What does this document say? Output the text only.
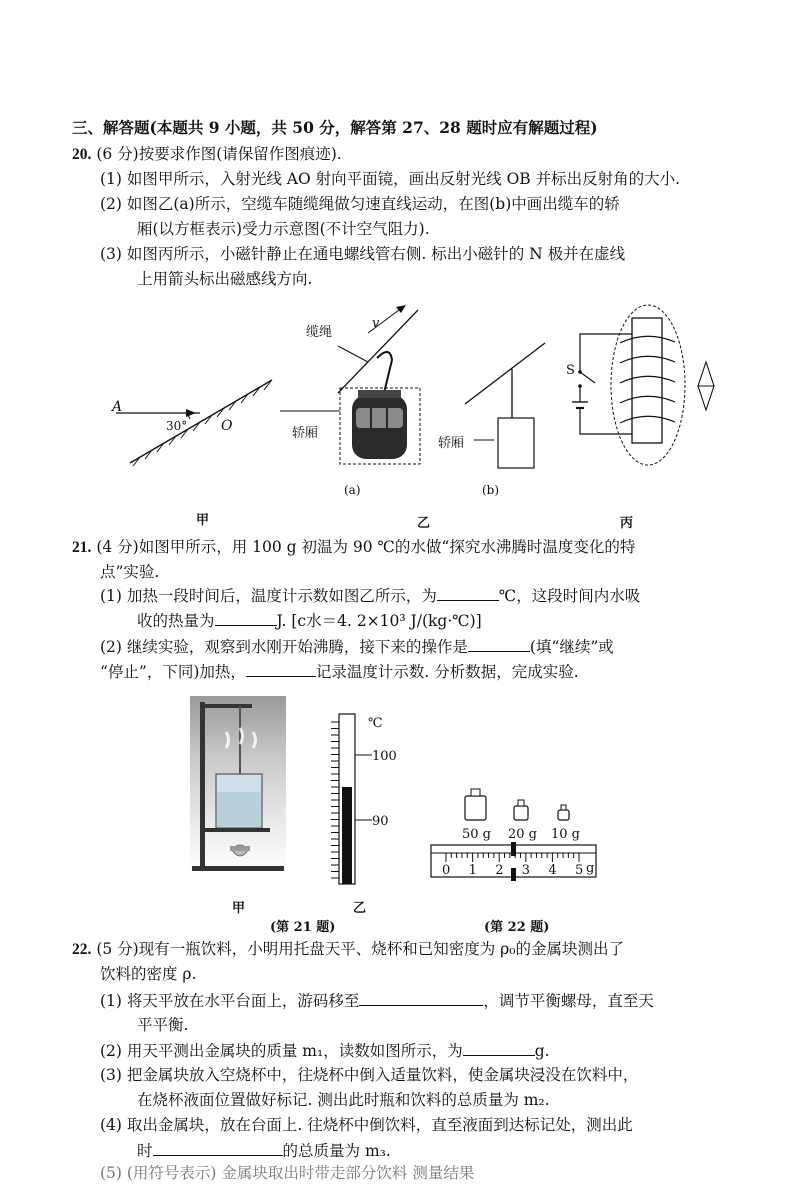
三、解答题(本题共 9 小题，共 50 分，解答第 27、28 题时应有解题过程)
20. (6 分)按要求作图(请保留作图痕迹).
(1) 如图甲所示，入射光线 AO 射向平面镜，画出反射光线 OB 并标出反射角的大小.
(2) 如图乙(a)所示，空缆车随缆绳做匀速直线运动，在图(b)中画出缆车的轿
厢(以方框表示)受力示意图(不计空气阻力).
(3) 如图丙所示，小磁针静止在通电螺线管右侧. 标出小磁针的 N 极并在虚线
上用箭头标出磁感线方向.
A
30° O
缆绳
v
轿厢
(a)
轿厢
(b)
S
甲	乙	丙
21. (4 分)如图甲所示，用 100 g 初温为 90 ℃的水做“探究水沸腾时温度变化的特
点”实验.
(1) 加热一段时间后，温度计示数如图乙所示，为	℃，这段时间内水吸
收的热量为	J. [c水＝4. 2×10³ J/(kg·℃)]
(2) 继续实验，观察到水刚开始沸腾，接下来的操作是	(填“继续”或
“停止”，下同)加热，	记录温度计示数. 分析数据，完成实验.
℃
100
90
50 g 20 g 10 g
0 1 2 3 4 5 g
甲	乙
(第 21 题)	(第 22 题)
22. (5 分)现有一瓶饮料，小明用托盘天平、烧杯和已知密度为 ρ₀的金属块测出了
饮料的密度 ρ.
(1) 将天平放在水平台面上，游码移至	，调节平衡螺母，直至天
平平衡.
(2) 用天平测出金属块的质量 m₁，读数如图所示，为	g.
(3) 把金属块放入空烧杯中，往烧杯中倒入适量饮料，使金属块浸没在饮料中，
在烧杯液面位置做好标记. 测出此时瓶和饮料的总质量为 m₂.
(4) 取出金属块，放在台面上. 往烧杯中倒饮料，直至液面到达标记处，测出此
时	的总质量为 m₃.
(5) (用符号表示) 金属块取出时带走部分饮料 测量结果
